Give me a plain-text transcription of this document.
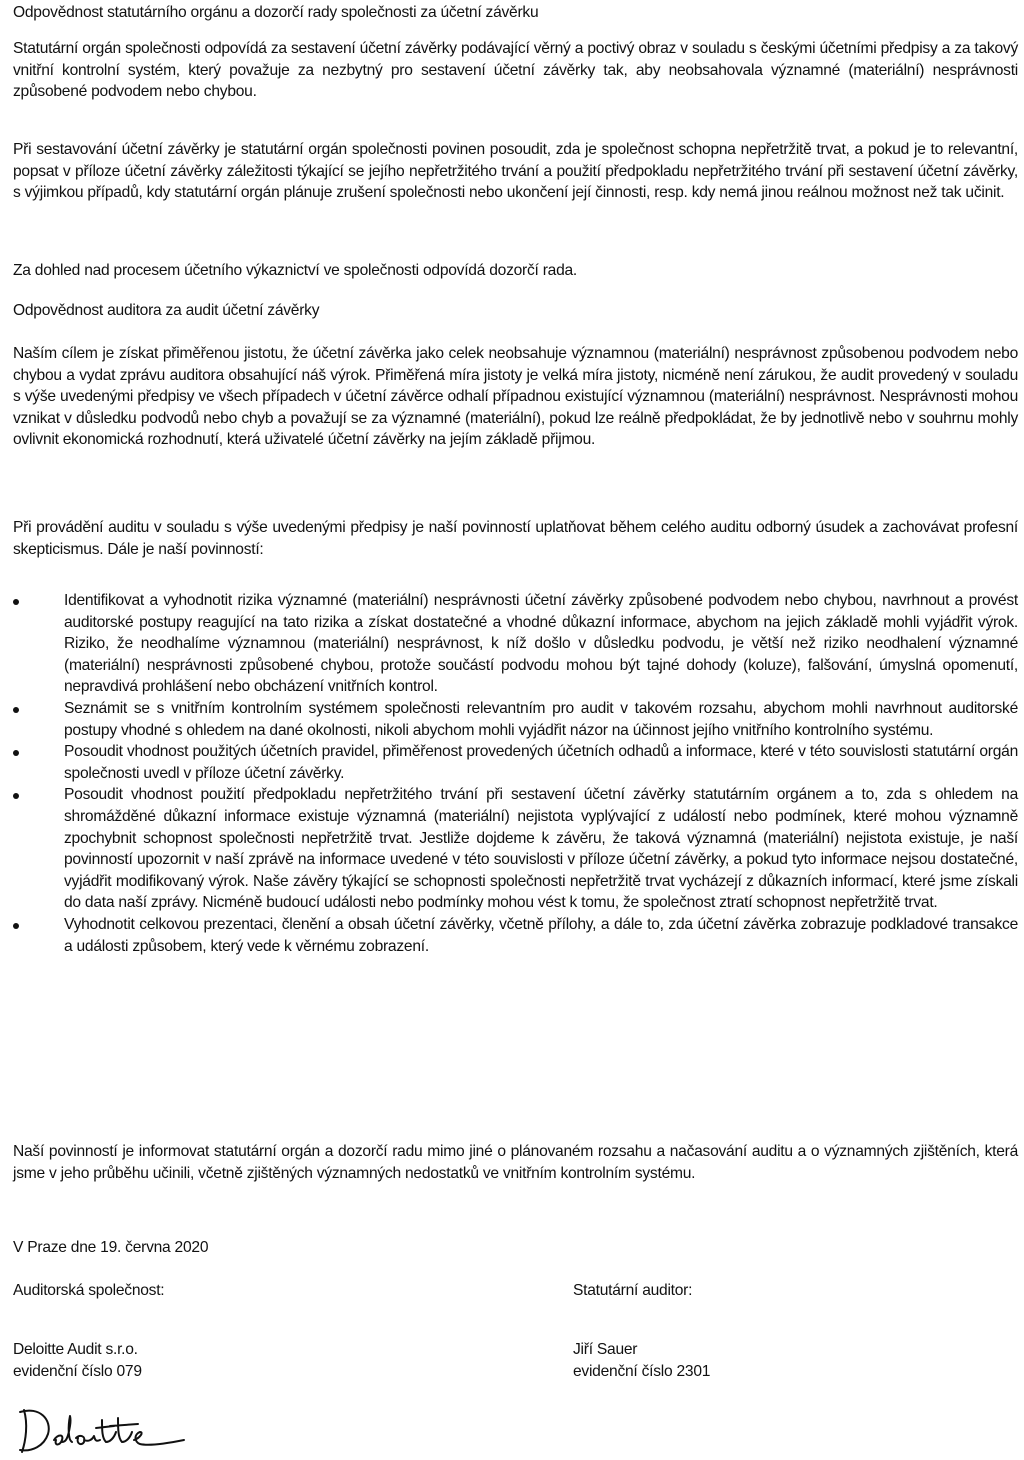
Odpovědnost statutárního orgánu a dozorčí rady společnosti za účetní závěrku

Statutární orgán společnosti odpovídá za sestavení účetní závěrky podávající věrný a poctivý obraz v souladu s českými účetními předpisy a za takový vnitřní kontrolní systém, který považuje za nezbytný pro sestavení účetní závěrky tak, aby neobsahovala významné (materiální) nesprávnosti způsobené podvodem nebo chybou.

Při sestavování účetní závěrky je statutární orgán společnosti povinen posoudit, zda je společnost schopna nepřetržitě trvat, a pokud je to relevantní, popsat v příloze účetní závěrky záležitosti týkající se jejího nepřetržitého trvání a použití předpokladu nepřetržitého trvání při sestavení účetní závěrky, s výjimkou případů, kdy statutární orgán plánuje zrušení společnosti nebo ukončení její činnosti, resp. kdy nemá jinou reálnou možnost než tak učinit.

Za dohled nad procesem účetního výkaznictví ve společnosti odpovídá dozorčí rada.

Odpovědnost auditora za audit účetní závěrky

Naším cílem je získat přiměřenou jistotu, že účetní závěrka jako celek neobsahuje významnou (materiální) nesprávnost způsobenou podvodem nebo chybou a vydat zprávu auditora obsahující náš výrok. Přiměřená míra jistoty je velká míra jistoty, nicméně není zárukou, že audit provedený v souladu s výše uvedenými předpisy ve všech případech v účetní závěrce odhalí případnou existující významnou (materiální) nesprávnost. Nesprávnosti mohou vznikat v důsledku podvodů nebo chyb a považují se za významné (materiální), pokud lze reálně předpokládat, že by jednotlivě nebo v souhrnu mohly ovlivnit ekonomická rozhodnutí, která uživatelé účetní závěrky na jejím základě přijmou.

Při provádění auditu v souladu s výše uvedenými předpisy je naší povinností uplatňovat během celého auditu odborný úsudek a zachovávat profesní skepticismus. Dále je naší povinností:

Identifikovat a vyhodnotit rizika významné (materiální) nesprávnosti účetní závěrky způsobené podvodem nebo chybou, navrhnout a provést auditorské postupy reagující na tato rizika a získat dostatečné a vhodné důkazní informace, abychom na jejich základě mohli vyjádřit výrok. Riziko, že neodhalíme významnou (materiální) nesprávnost, k níž došlo v důsledku podvodu, je větší než riziko neodhalení významné (materiální) nesprávnosti způsobené chybou, protože součástí podvodu mohou být tajné dohody (koluze), falšování, úmyslná opomenutí, nepravdivá prohlášení nebo obcházení vnitřních kontrol.
Seznámit se s vnitřním kontrolním systémem společnosti relevantním pro audit v takovém rozsahu, abychom mohli navrhnout auditorské postupy vhodné s ohledem na dané okolnosti, nikoli abychom mohli vyjádřit názor na účinnost jejího vnitřního kontrolního systému.
Posoudit vhodnost použitých účetních pravidel, přiměřenost provedených účetních odhadů a informace, které v této souvislosti statutární orgán společnosti uvedl v příloze účetní závěrky.
Posoudit vhodnost použití předpokladu nepřetržitého trvání při sestavení účetní závěrky statutárním orgánem a to, zda s ohledem na shromážděné důkazní informace existuje významná (materiální) nejistota vyplývající z událostí nebo podmínek, které mohou významně zpochybnit schopnost společnosti nepřetržitě trvat. Jestliže dojdeme k závěru, že taková významná (materiální) nejistota existuje, je naší povinností upozornit v naší zprávě na informace uvedené v této souvislosti v příloze účetní závěrky, a pokud tyto informace nejsou dostatečné, vyjádřit modifikovaný výrok. Naše závěry týkající se schopnosti společnosti nepřetržitě trvat vycházejí z důkazních informací, které jsme získali do data naší zprávy. Nicméně budoucí události nebo podmínky mohou vést k tomu, že společnost ztratí schopnost nepřetržitě trvat.
Vyhodnotit celkovou prezentaci, členění a obsah účetní závěrky, včetně přílohy, a dále to, zda účetní závěrka zobrazuje podkladové transakce a události způsobem, který vede k věrnému zobrazení.

Naší povinností je informovat statutární orgán a dozorčí radu mimo jiné o plánovaném rozsahu a načasování auditu a o významných zjištěních, která jsme v jeho průběhu učinili, včetně zjištěných významných nedostatků ve vnitřním kontrolním systému.

V Praze dne 19. června 2020

Auditorská společnost:
Deloitte Audit s.r.o.
evidenční číslo 079
Statutární auditor:
Jiří Sauer
evidenční číslo 2301
